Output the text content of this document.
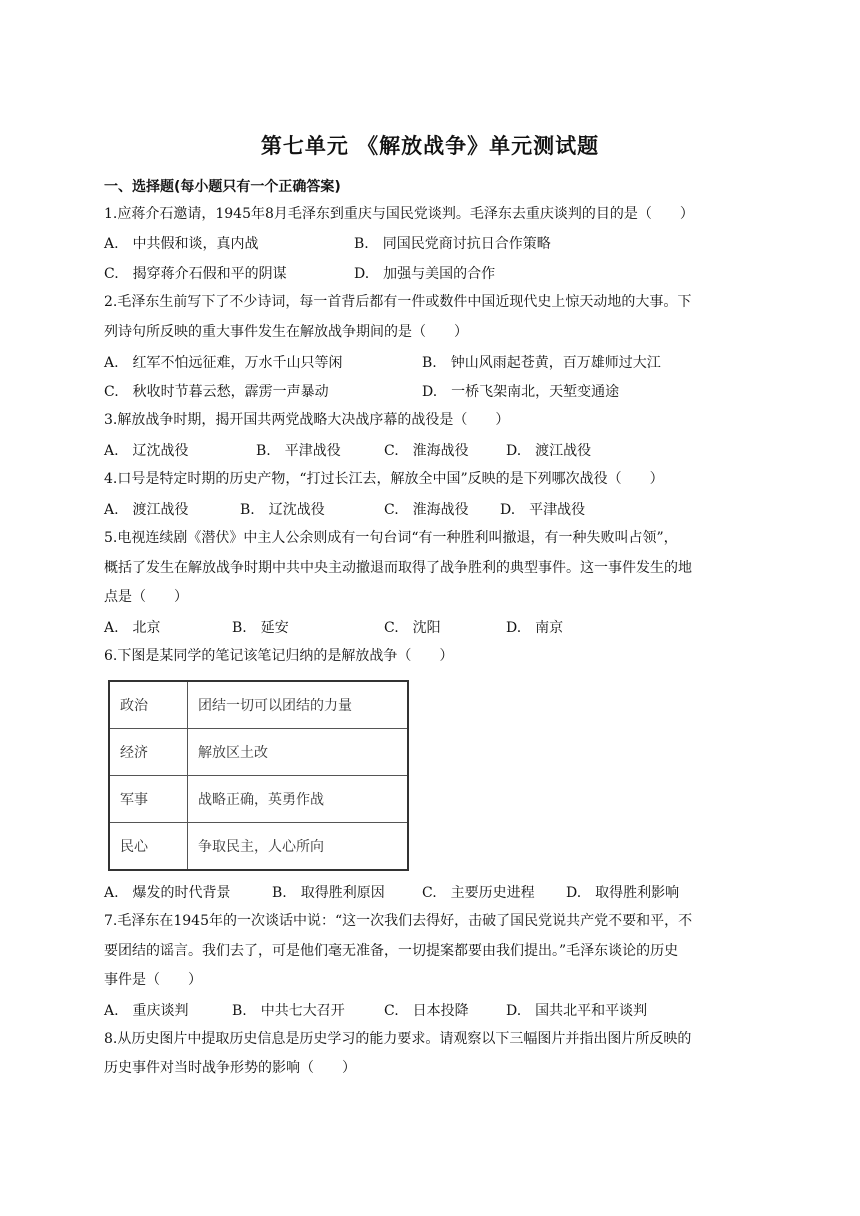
第七单元 《解放战争》单元测试题
一、选择题(每小题只有一个正确答案)
1.应蒋介石邀请，1945年8月毛泽东到重庆与国民党谈判。毛泽东去重庆谈判的目的是（　　）
A.　中共假和谈，真内战	B.　同国民党商讨抗日合作策略
C.　揭穿蒋介石假和平的阴谋	D.　加强与美国的合作
2.毛泽东生前写下了不少诗词，每一首背后都有一件或数件中国近现代史上惊天动地的大事。下
列诗句所反映的重大事件发生在解放战争期间的是（　　）
A.　红军不怕远征难，万水千山只等闲	B.　钟山风雨起苍黄，百万雄师过大江
C.　秋收时节暮云愁，霹雳一声暴动	D.　一桥飞架南北，天堑变通途
3.解放战争时期，揭开国共两党战略大决战序幕的战役是（　　）
A.　辽沈战役	B.　平津战役	C.　淮海战役	D.　渡江战役
4.口号是特定时期的历史产物，“打过长江去，解放全中国”反映的是下列哪次战役（　　）
A.　渡江战役	B.　辽沈战役	C.　淮海战役 D.　平津战役
5.电视连续剧《潜伏》中主人公余则成有一句台词“有一种胜利叫撤退，有一种失败叫占领”，
概括了发生在解放战争时期中共中央主动撤退而取得了战争胜利的典型事件。这一事件发生的地
点是（　　）
A.　北京	B.　延安	C.　沈阳	D.　南京
6.下图是某同学的笔记该笔记归纳的是解放战争（　　）
政治	团结一切可以团结的力量
经济	解放区土改
军事	战略正确，英勇作战
民心	争取民主，人心所向
A.　爆发的时代背景	B.　取得胜利原因	C.　主要历史进程 D.　取得胜利影响
7.毛泽东在1945年的一次谈话中说：“这一次我们去得好，击破了国民党说共产党不要和平，不
要团结的谣言。我们去了，可是他们毫无准备，一切提案都要由我们提出。”毛泽东谈论的历史
事件是（　　）
A.　重庆谈判	B.　中共七大召开	C.　日本投降	D.　国共北平和平谈判
8.从历史图片中提取历史信息是历史学习的能力要求。请观察以下三幅图片并指出图片所反映的
历史事件对当时战争形势的影响（　　）
